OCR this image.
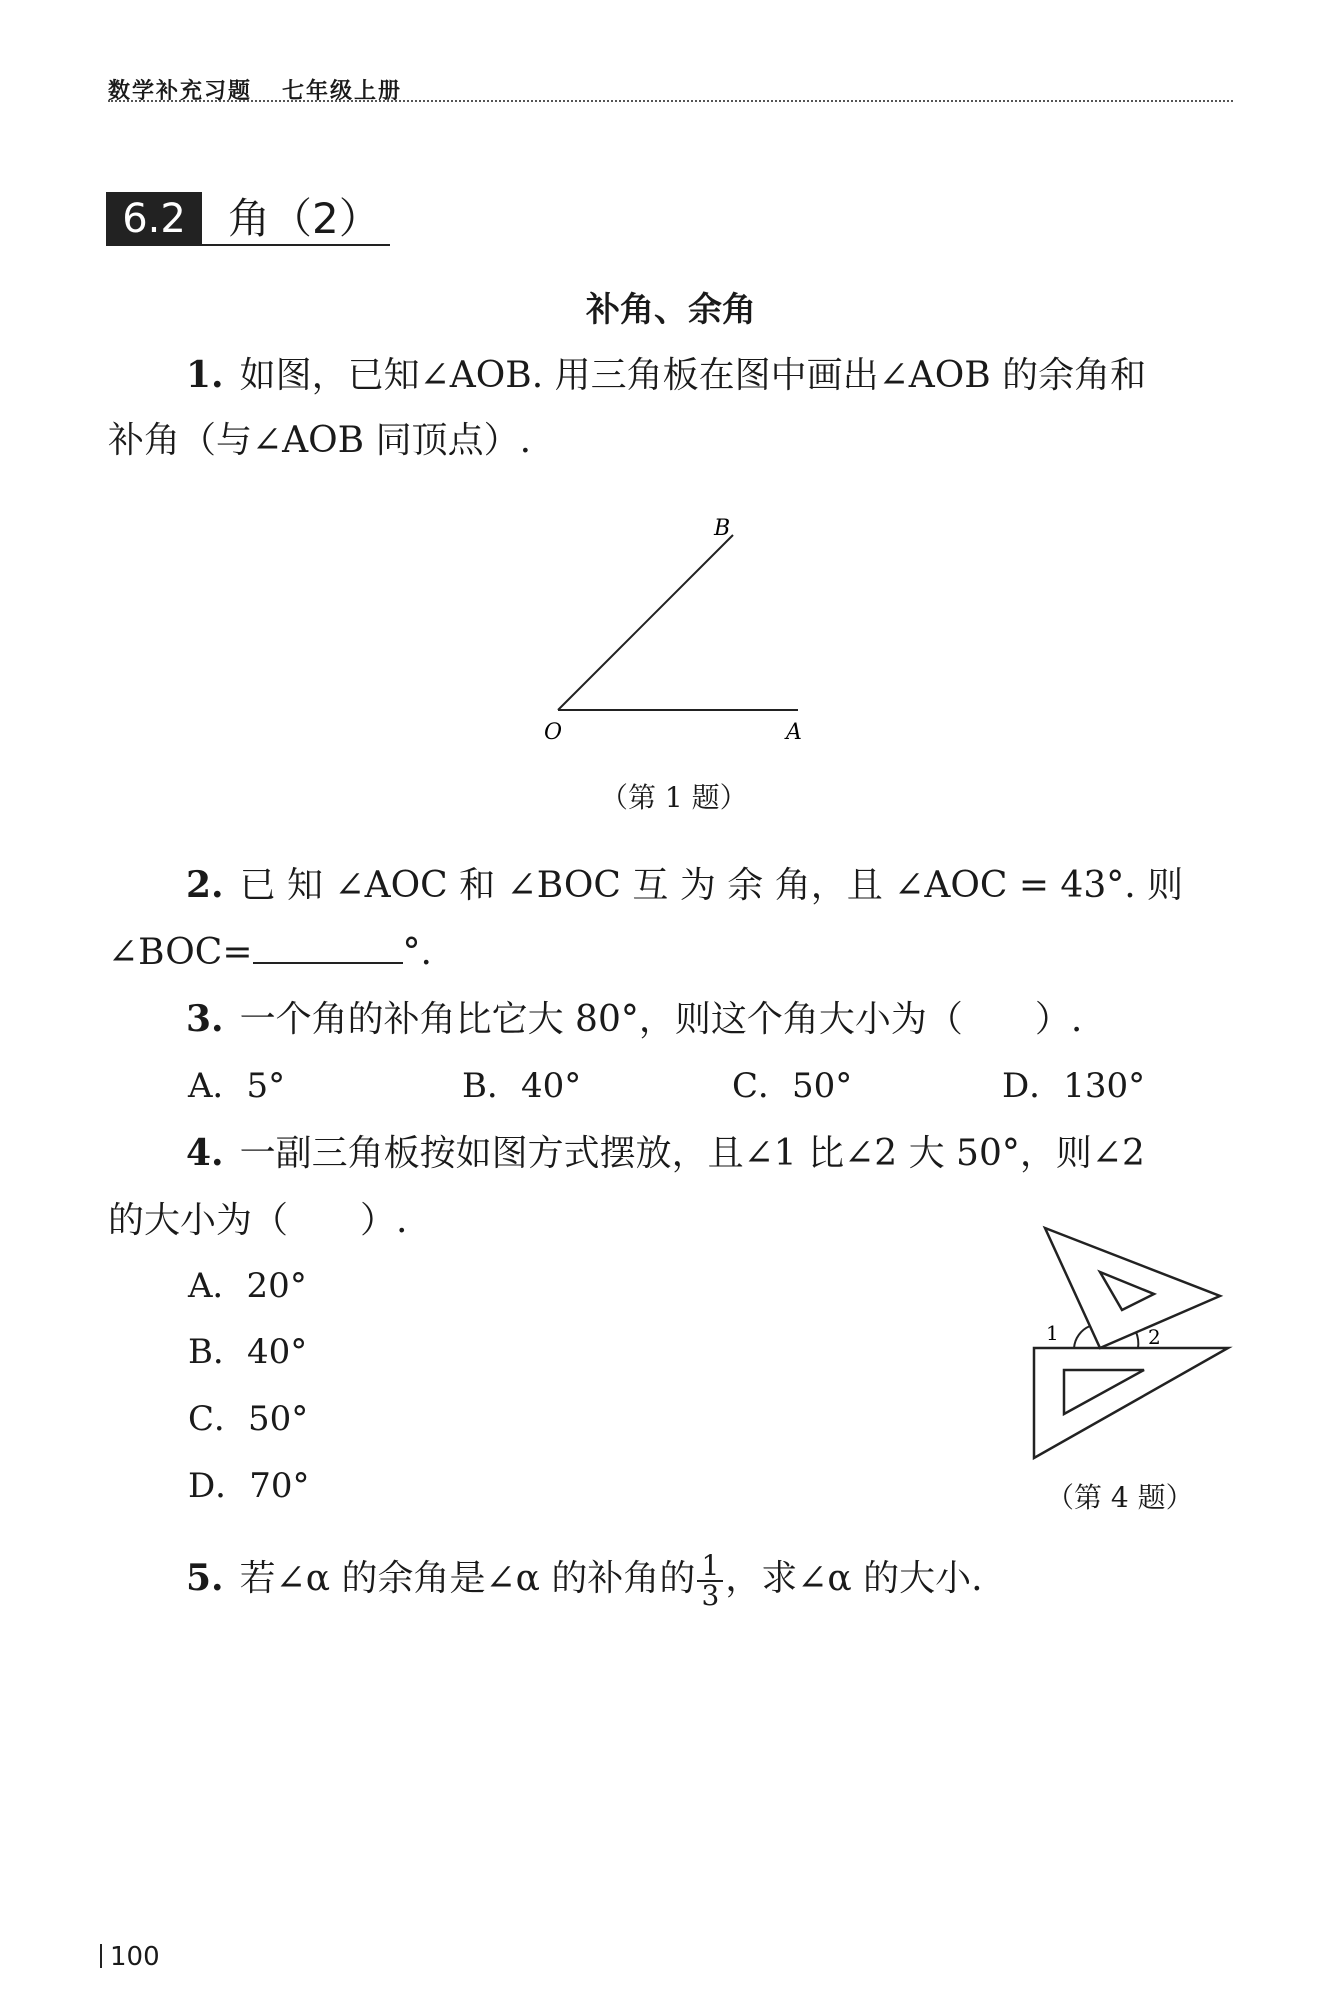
数学补充习题 七年级上册
6.2	角（2）
补角、余角
1. 如图，已知∠AOB. 用三角板在图中画出∠AOB 的余角和
补角（与∠AOB 同顶点）.
B
O	A
（第 1 题）
2. 已 知 ∠AOC 和 ∠BOC 互 为 余 角，且 ∠AOC = 43°. 则
∠BOC=	°.
3. 一个角的补角比它大 80°，则这个角大小为（ ）.
A．5°	B．40°	C．50°	D．130°
4. 一副三角板按如图方式摆放，且∠1 比∠2 大 50°，则∠2
的大小为（ ）.
A．20°
B．40°
C．50°
D．70°
1	2
（第 4 题）
5. 若∠α 的余角是∠α 的补角的 $\frac{1}{3}$ ，求∠α 的大小.
100
